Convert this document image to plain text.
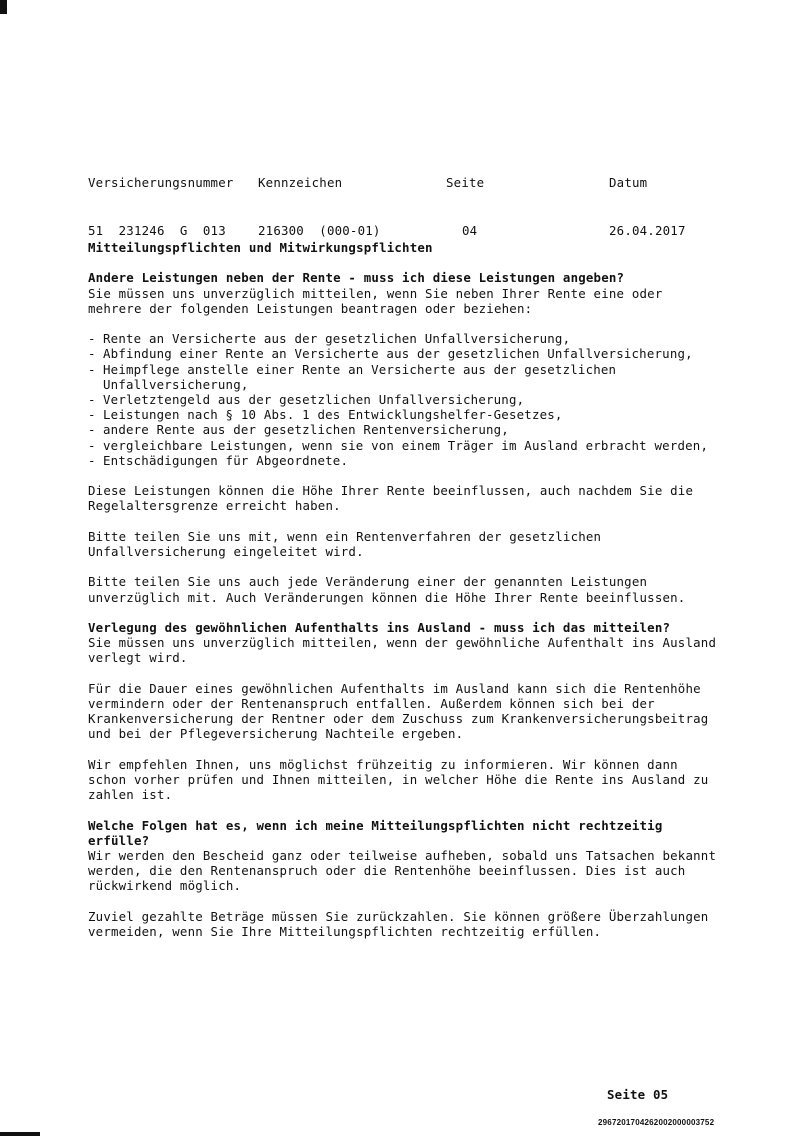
Versicherungsnummer

51  231246  G  013

Kennzeichen

216300  (000-01)

Seite

04

Datum

26.04.2017

Mitteilungspflichten und Mitwirkungspflichten
Andere Leistungen neben der Rente - muss ich diese Leistungen angeben?

Sie müssen uns unverzüglich mitteilen, wenn Sie neben Ihrer Rente eine oder mehrere der folgenden Leistungen beantragen oder beziehen:

- Rente an Versicherte aus der gesetzlichen Unfallversicherung,
- Abfindung einer Rente an Versicherte aus der gesetzlichen Unfallversicherung,
- Heimpflege anstelle einer Rente an Versicherte aus der gesetzlichen Unfallversicherung,
- Verletztengeld aus der gesetzlichen Unfallversicherung,
- Leistungen nach § 10 Abs. 1 des Entwicklungshelfer-Gesetzes,
- andere Rente aus der gesetzlichen Rentenversicherung,
- vergleichbare Leistungen, wenn sie von einem Träger im Ausland erbracht werden,
- Entschädigungen für Abgeordnete.

Diese Leistungen können die Höhe Ihrer Rente beeinflussen, auch nachdem Sie die Regelaltersgrenze erreicht haben.

Bitte teilen Sie uns mit, wenn ein Rentenverfahren der gesetzlichen Unfallversicherung eingeleitet wird.

Bitte teilen Sie uns auch jede Veränderung einer der genannten Leistungen unverzüglich mit. Auch Veränderungen können die Höhe Ihrer Rente beeinflussen.

Verlegung des gewöhnlichen Aufenthalts ins Ausland - muss ich das mitteilen?

Sie müssen uns unverzüglich mitteilen, wenn der gewöhnliche Aufenthalt ins Ausland verlegt wird.

Für die Dauer eines gewöhnlichen Aufenthalts im Ausland kann sich die Rentenhöhe vermindern oder der Rentenanspruch entfallen. Außerdem können sich bei der Krankenversicherung der Rentner oder dem Zuschuss zum Krankenversicherungsbeitrag und bei der Pflegeversicherung Nachteile ergeben.

Wir empfehlen Ihnen, uns möglichst frühzeitig zu informieren. Wir können dann schon vorher prüfen und Ihnen mitteilen, in welcher Höhe die Rente ins Ausland zu zahlen ist.

Welche Folgen hat es, wenn ich meine Mitteilungspflichten nicht rechtzeitig erfülle?

Wir werden den Bescheid ganz oder teilweise aufheben, sobald uns Tatsachen bekannt werden, die den Rentenanspruch oder die Rentenhöhe beeinflussen. Dies ist auch rückwirkend möglich.

Zuviel gezahlte Beträge müssen Sie zurückzahlen. Sie können größere Überzahlungen vermeiden, wenn Sie Ihre Mitteilungspflichten rechtzeitig erfüllen.

Seite 05
2967201704262002000003752
